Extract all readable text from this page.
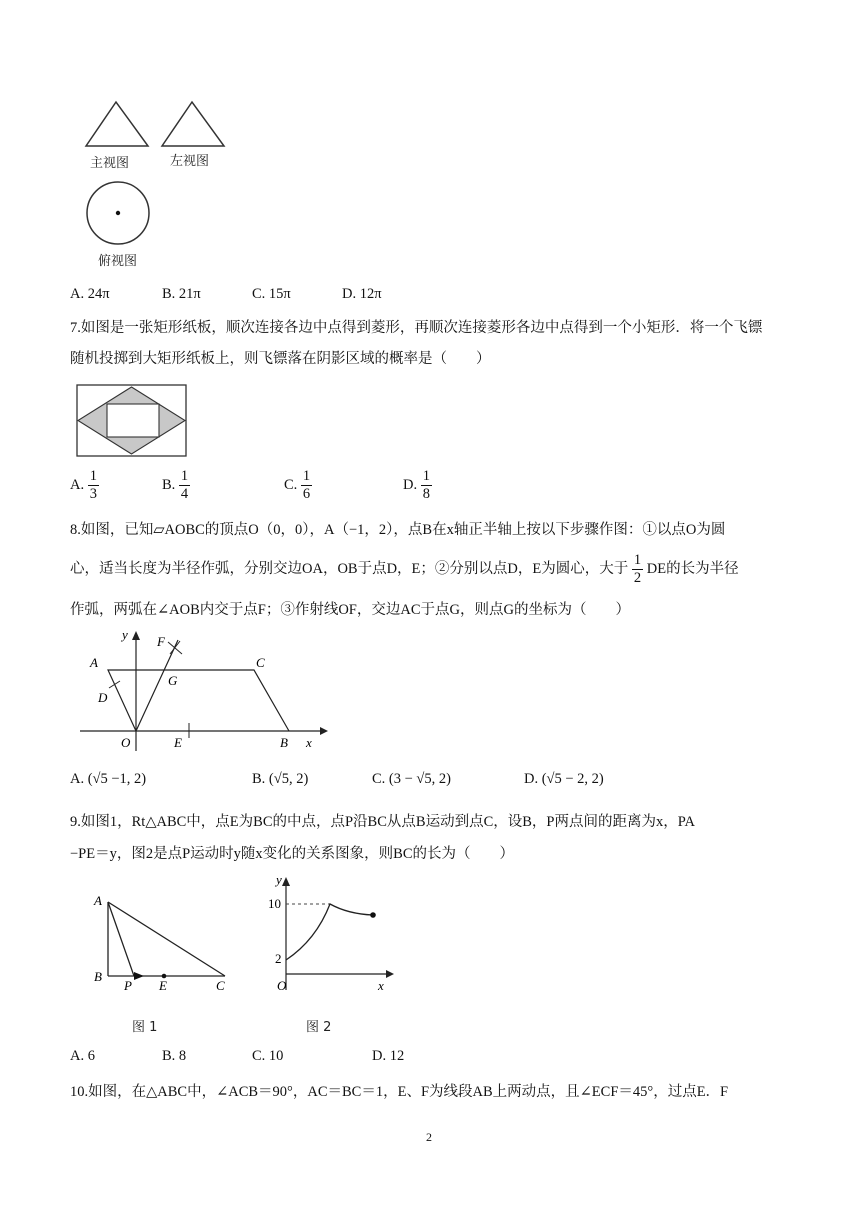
主视图	左视图
俯视图
A. 24π	B. 21π	C. 15π	D. 12π
7.如图是一张矩形纸板，顺次连接各边中点得到菱形，再顺次连接菱形各边中点得到一个小矩形．将一个飞镖
随机投掷到大矩形纸板上，则飞镖落在阴影区域的概率是（　　）
A. $\frac{1}{3}$	B. $\frac{1}{4}$	C. $\frac{1}{6}$	D. $\frac{1}{8}$
8.如图，已知▱AOBC的顶点O（0，0），A（−1，2），点B在x轴正半轴上按以下步骤作图：①以点O为圆
心，适当长度为半径作弧，分别交边OA，OB于点D，E；②分别以点D，E为圆心，大于 $\frac{1}{2}$ DE的长为半径
作弧，两弧在∠AOB内交于点F；③作射线OF，交边AC于点G，则点G的坐标为（　　）
y
x
A	C
D
F
G
O	E	B
A. (√5 −1, 2)	B. (√5, 2)	C. (3 − √5, 2)	D. (√5 − 2, 2)
9.如图1，Rt△ABC中，点E为BC的中点，点P沿BC从点B运动到点C，设B，P两点间的距离为x，PA
−PE＝y，图2是点P运动时y随x变化的关系图象，则BC的长为（　　）
A
B
P E	C
图 1
y
10
2
O	x
图 2
A. 6	B. 8	C. 10	D. 12
10.如图，在△ABC中，∠ACB＝90°，AC＝BC＝1，E、F为线段AB上两动点，且∠ECF＝45°，过点E．F
2
